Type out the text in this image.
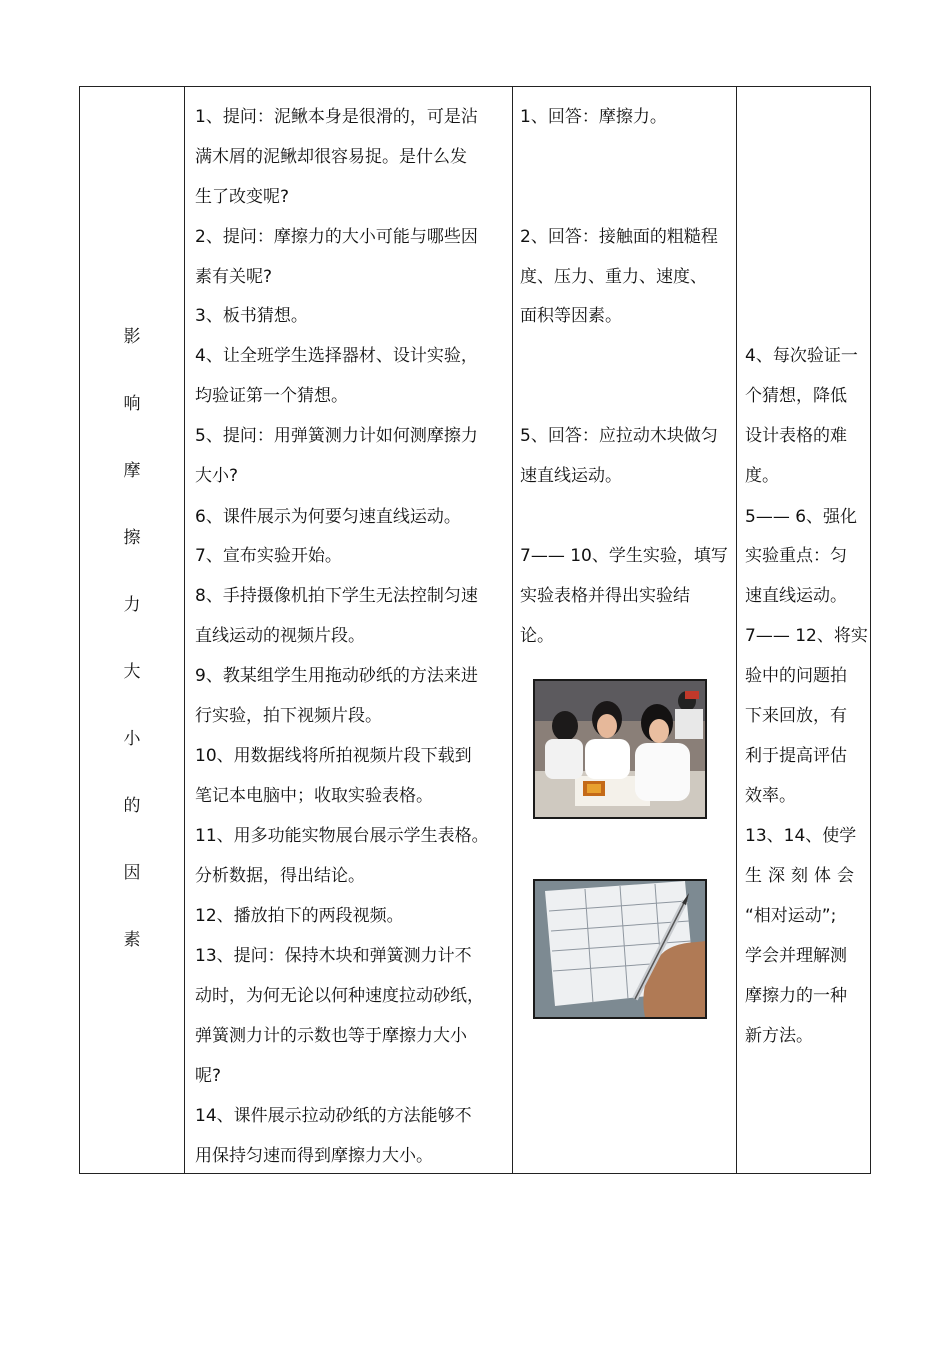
影
响
摩
擦
力
大
小
的
因
素
1、提问：泥鳅本身是很滑的，可是沾
满木屑的泥鳅却很容易捉。是什么发
生了改变呢?
2、提问：摩擦力的大小可能与哪些因
素有关呢?
3、板书猜想。
4、让全班学生选择器材、设计实验，
均验证第一个猜想。
5、提问：用弹簧测力计如何测摩擦力
大小?
6、课件展示为何要匀速直线运动。
7、宣布实验开始。
8、手持摄像机拍下学生无法控制匀速
直线运动的视频片段。
9、教某组学生用拖动砂纸的方法来进
行实验，拍下视频片段。
10、用数据线将所拍视频片段下载到
笔记本电脑中；收取实验表格。
11、用多功能实物展台展示学生表格。
分析数据，得出结论。
12、播放拍下的两段视频。
13、提问：保持木块和弹簧测力计不
动时，为何无论以何种速度拉动砂纸，
弹簧测力计的示数也等于摩擦力大小
呢?
14、课件展示拉动砂纸的方法能够不
用保持匀速而得到摩擦力大小。
1、回答：摩擦力。
2、回答：接触面的粗糙程
度、压力、重力、速度、
面积等因素。
5、回答：应拉动木块做匀
速直线运动。
7—— 10、学生实验，填写
实验表格并得出实验结
论。
4、每次验证一
个猜想，降低
设计表格的难
度。
5—— 6、强化
实验重点：匀
速直线运动。
7—— 12、将实
验中的问题拍
下来回放，有
利于提高评估
效率。
13、14、使学
生深刻体会
“相对运动”;
学会并理解测
摩擦力的一种
新方法。
